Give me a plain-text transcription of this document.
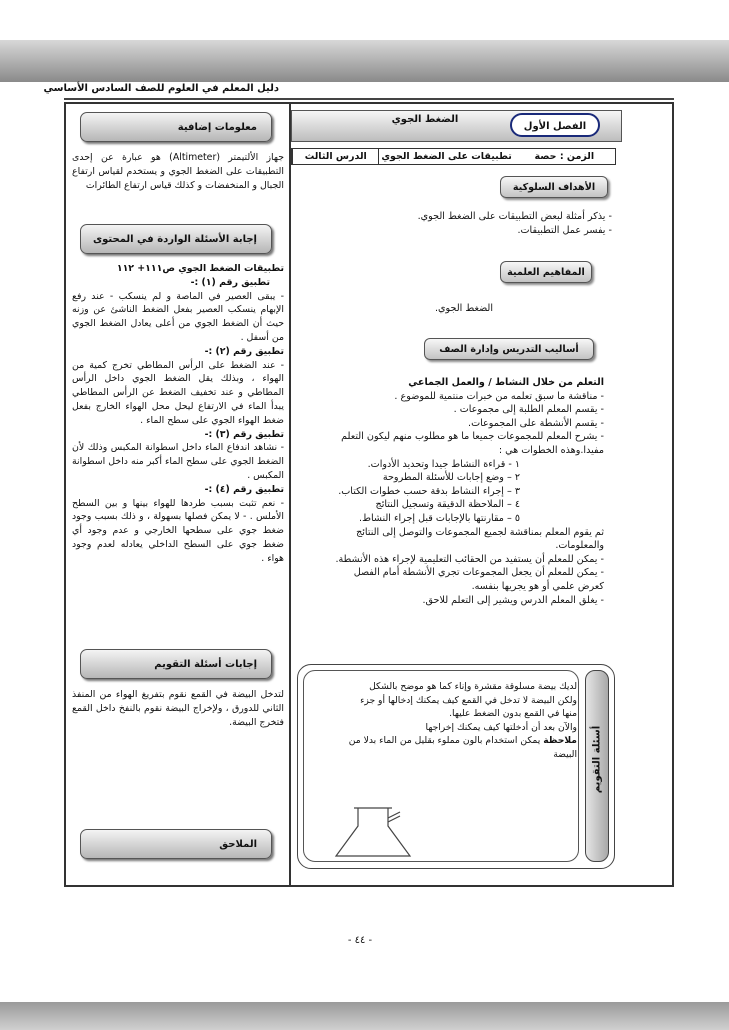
دليل المعلم في العلوم للصف السادس الأساسي
الضغط الجوي
الفصل الأول
الدرس الثالث	تطبيقات على الضغط الجوي	الزمن : حصة
الأهداف السلوكية
- يذكر أمثلة لبعض التطبيقات على الضغط الجوي.
- يفسر عمل التطبيقات.
المفاهيم العلمية
الضغط الجوي.
أساليب التدريس وإدارة الصف
التعلم من خلال النشاط / والعمل الجماعي
- مناقشة ما سبق تعلمه من خبرات منتمية للموضوع .
- يقسم المعلم الطلبة إلى مجموعات .
- يقسم الأنشطة على المجموعات.
- يشرح المعلم للمجموعات جميعا ما هو مطلوب منهم ليكون التعلم
مفيدا.وهذه الخطوات هي :
١ - قراءة النشاط جيدا وتحديد الأدوات.
٢ – وضع إجابات للأسئلة المطروحة
٣ – إجراء النشاط بدقة حسب خطوات الكتاب.
٤ – الملاحظة الدقيقة وتسجيل النتائج
٥ – مقارنتها بالإجابات قبل إجراء النشاط.
ثم يقوم المعلم بمناقشة لجميع المجموعات والتوصل إلى النتائج
والمعلومات.
- يمكن للمعلم أن يستفيد من الحقائب التعليمية لإجراء هذه الأنشطة.
- يمكن للمعلم أن يجعل المجموعات تجري الأنشطة أمام الفصل
كعرض علمي أو هو يجريها بنفسه.
- يغلق المعلم الدرس ويشير إلى التعلم للاحق.
أسئلة التقويم
لديك بيضة مسلوقة مقشرة وإناء كما هو موضح بالشكل
ولكن البيضة لا تدخل في القمع كيف يمكنك إدخالها أو جزء
منها في القمع بدون الضغط عليها.
والآن بعد أن أدخلتها كيف يمكنك إخراجها
ملاحظة يمكن استخدام بالون مملوء بقليل من الماء بدلا من
البيضة
معلومات إضافية
جهاز الألتيمتر (Altimeter) هو عبارة عن إحدى التطبيقات على الضغط الجوي و يستخدم لقياس ارتفاع الجبال و المنخفضات و كذلك قياس ارتفاع الطائرات
إجابة الأسئلة الواردة في المحتوى
تطبيقات الضغط الجوي ص١١١+ ١١٢
تطبيق رقم (١) :-
- يبقى العصير في الماصة و لم ينسكب - عند رفع الإبهام ينسكب العصير بفعل الضغط الناشئ عن وزنه حيث أن الضغط الجوي من أعلى يعادل الضغط الجوي من أسفل .
تطبيق رقم (٢) :-
- عند الضغط على الرأس المطاطي تخرج كمية من الهواء ، وبذلك يقل الضغط الجوي داخل الرأس المطاطي و عند تخفيف الضغط عن الرأس المطاطي يبدأ الماء في الارتفاع ليحل محل الهواء الخارج بفعل ضغط الهواء الجوي على سطح الماء .
تطبيق رقم (٣) :-
- نشاهد اندفاع الماء داخل اسطوانة المكبس وذلك لأن الضغط الجوي على سطح الماء أكبر منه داخل اسطوانة المكبس .
تطبيق رقم (٤) :-
- نعم تثبت بسبب طردها للهواء بينها و بين السطح الأملس . - لا يمكن فصلها بسهولة ، و ذلك بسبب وجود ضغط جوي على سطحها الخارجي و عدم وجود أي ضغط جوي على السطح الداخلي يعادله لعدم وجود هواء .
إجابات أسئلة التقويم
لتدخل البيضة في القمع نقوم بتفريغ الهواء من المنفذ الثاني للدورق ، ولإخراج البيضة نقوم بالنفخ داخل القمع فتخرج البيضة.
الملاحق
- ٤٤ -
